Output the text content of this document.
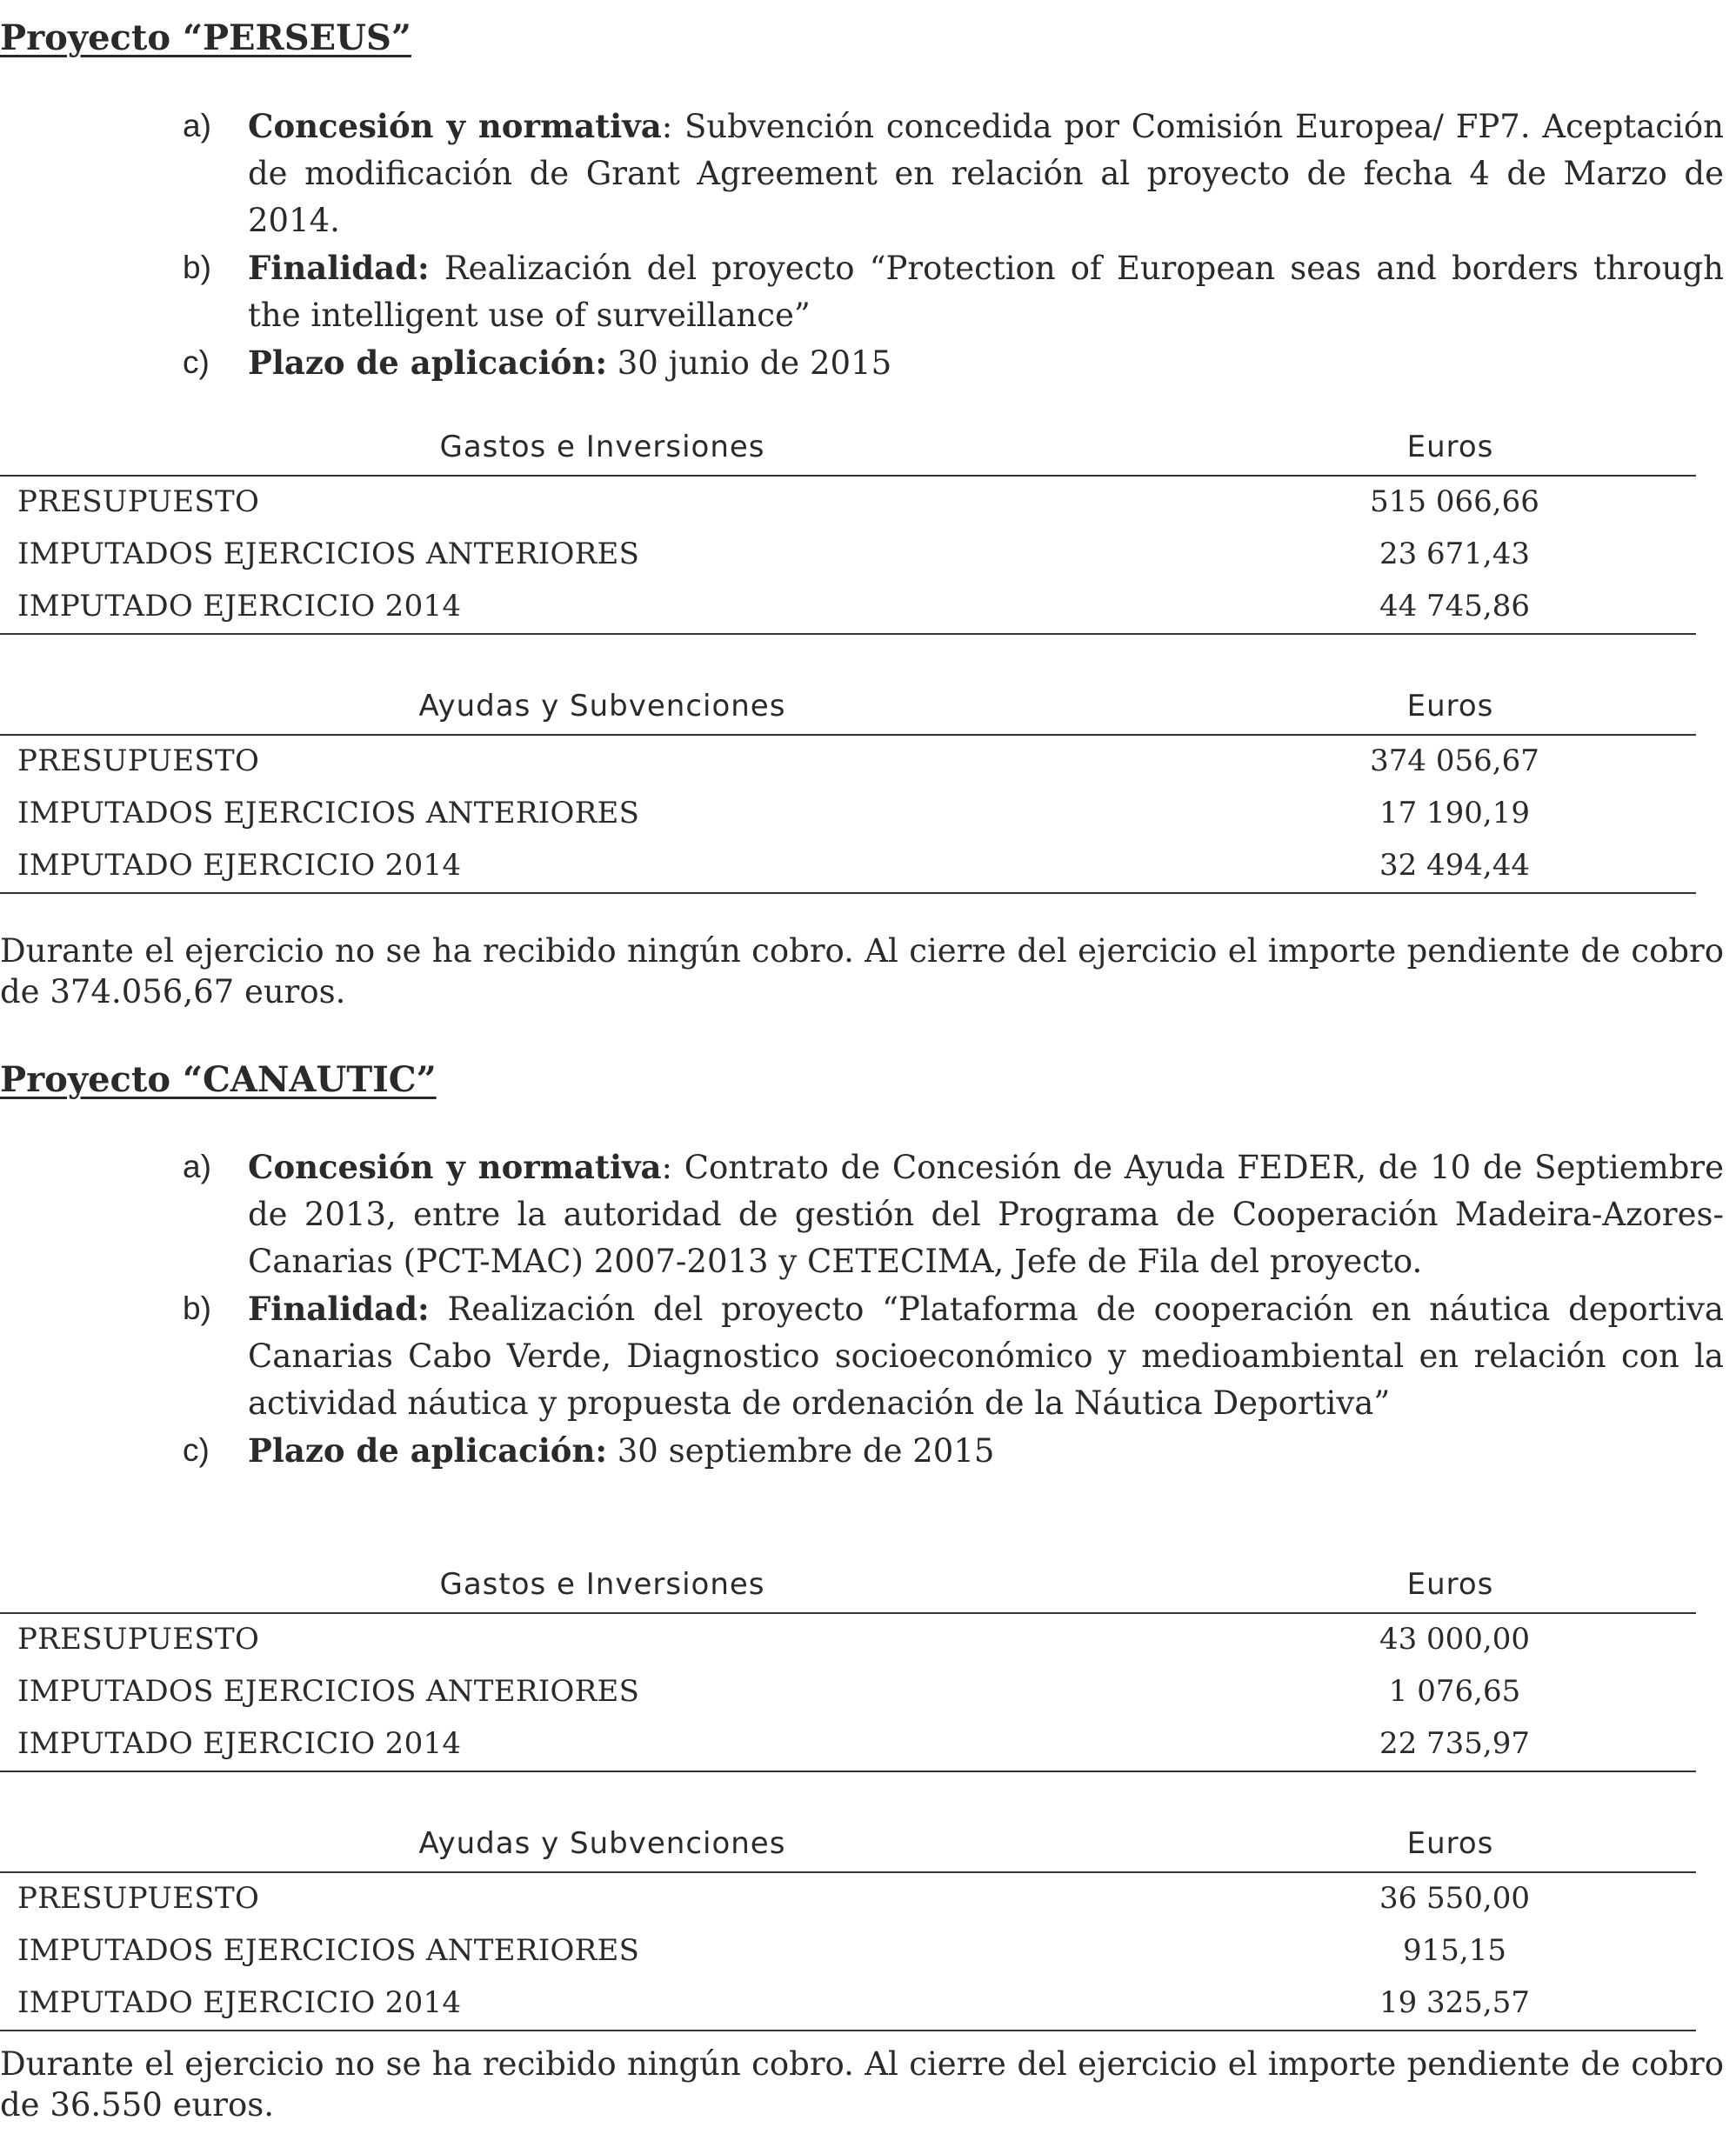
Proyecto “PERSEUS”
a) Concesión y normativa: Subvención concedida por Comisión Europea/ FP7. Aceptación de modificación de Grant Agreement en relación al proyecto de fecha 4 de Marzo de 2014.
b) Finalidad: Realización del proyecto “Protection of European seas and borders through the intelligent use of surveillance”
c) Plazo de aplicación: 30 junio de 2015
Gastos e Inversiones	Euros
PRESUPUESTO	515 066,66
IMPUTADOS EJERCICIOS ANTERIORES	23 671,43
IMPUTADO EJERCICIO 2014	44 745,86
Ayudas y Subvenciones	Euros
PRESUPUESTO	374 056,67
IMPUTADOS EJERCICIOS ANTERIORES	17 190,19
IMPUTADO EJERCICIO 2014	32 494,44

Durante el ejercicio no se ha recibido ningún cobro. Al cierre del ejercicio el importe pendiente de cobro de 374.056,67 euros.

Proyecto “CANAUTIC”
a) Concesión y normativa: Contrato de Concesión de Ayuda FEDER, de 10 de Septiembre de 2013, entre la autoridad de gestión del Programa de Cooperación Madeira-Azores-Canarias (PCT-MAC) 2007-2013 y CETECIMA, Jefe de Fila del proyecto.
b) Finalidad: Realización del proyecto “Plataforma de cooperación en náutica deportiva Canarias Cabo Verde, Diagnostico socioeconómico y medioambiental en relación con la actividad náutica y propuesta de ordenación de la Náutica Deportiva”
c) Plazo de aplicación: 30 septiembre de 2015
Gastos e Inversiones	Euros
PRESUPUESTO	43 000,00
IMPUTADOS EJERCICIOS ANTERIORES	1 076,65
IMPUTADO EJERCICIO 2014	22 735,97
Ayudas y Subvenciones	Euros
PRESUPUESTO	36 550,00
IMPUTADOS EJERCICIOS ANTERIORES	915,15
IMPUTADO EJERCICIO 2014	19 325,57

Durante el ejercicio no se ha recibido ningún cobro. Al cierre del ejercicio el importe pendiente de cobro de 36.550 euros.
